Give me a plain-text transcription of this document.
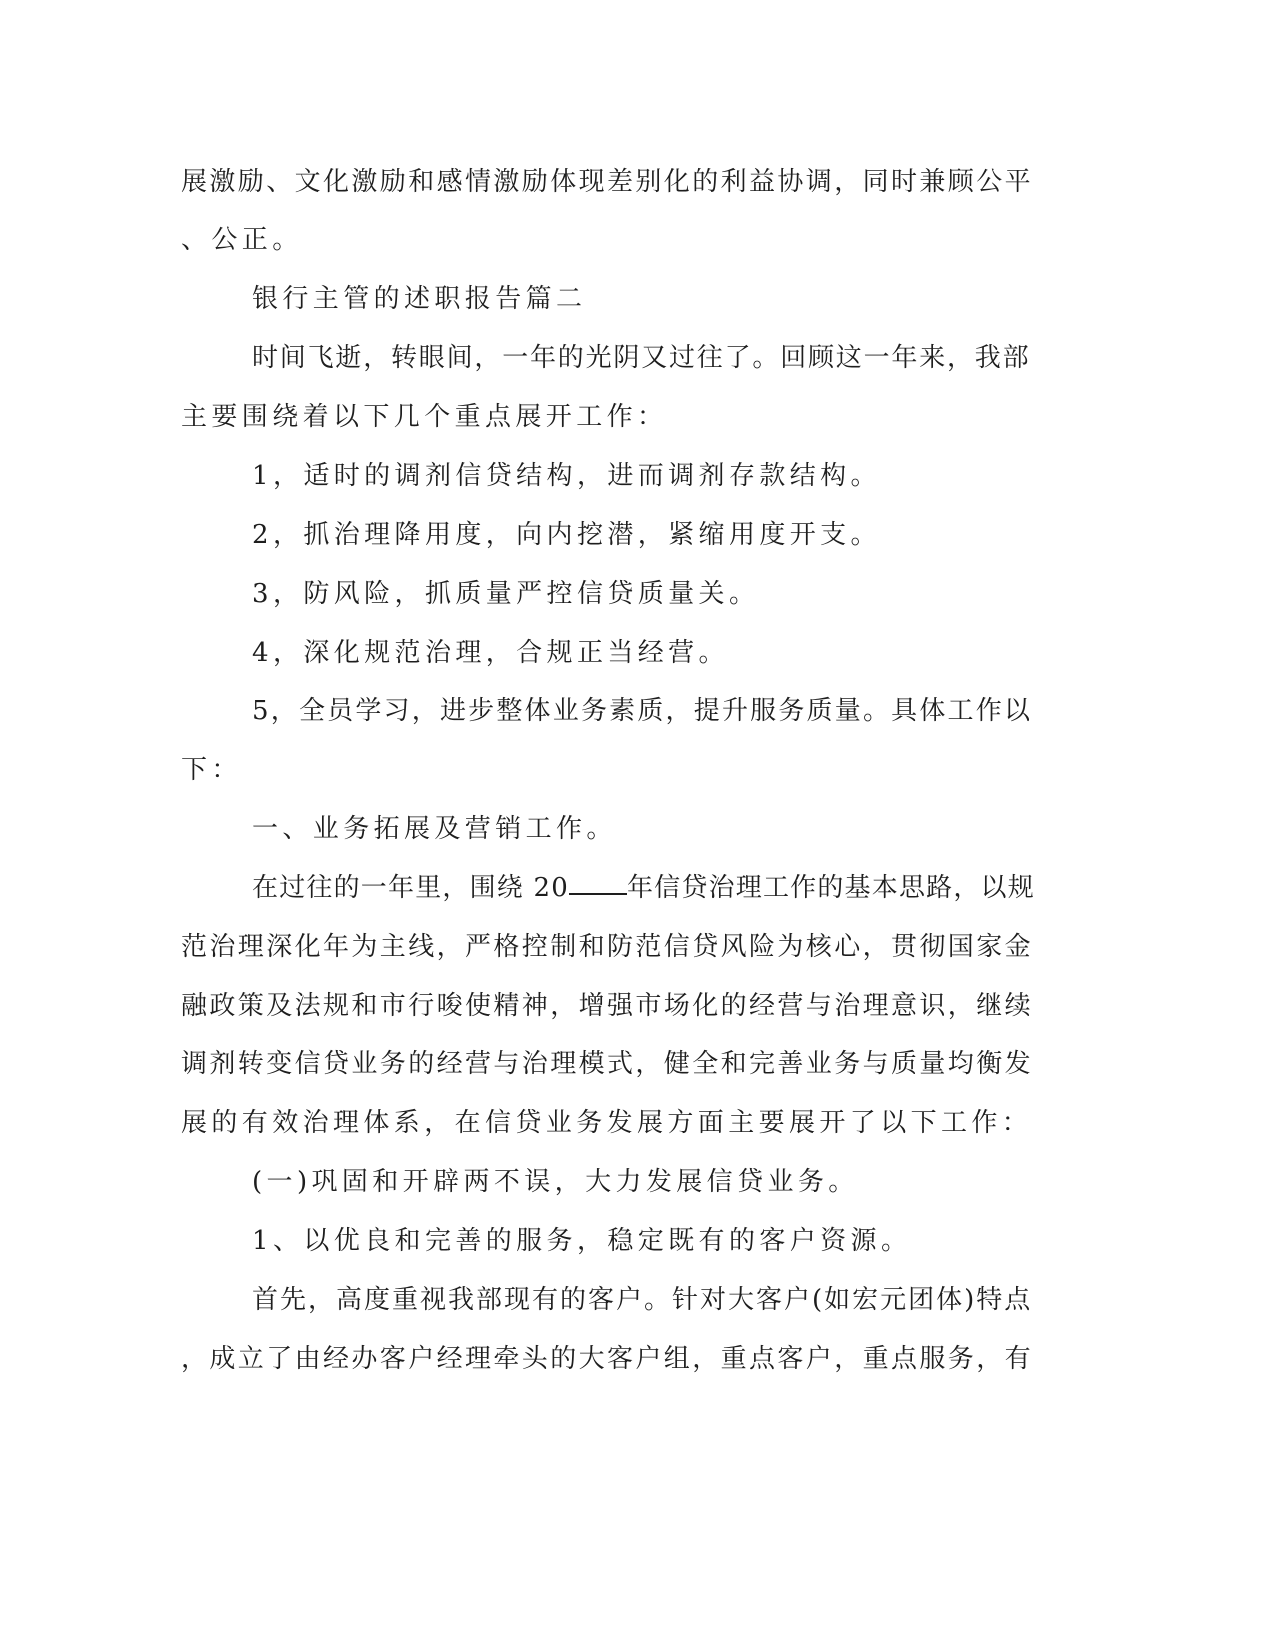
展激励、文化激励和感情激励体现差别化的利益协调，同时兼顾公平

、公正。

银行主管的述职报告篇二

时间飞逝，转眼间，一年的光阴又过往了。回顾这一年来，我部

主要围绕着以下几个重点展开工作：

1，适时的调剂信贷结构，进而调剂存款结构。

2，抓治理降用度，向内挖潜，紧缩用度开支。

3，防风险，抓质量严控信贷质量关。

4，深化规范治理，合规正当经营。

5，全员学习，进步整体业务素质，提升服务质量。具体工作以

下：

一、业务拓展及营销工作。

在过往的一年里，围绕 20 年信贷治理工作的基本思路，以规

范治理深化年为主线，严格控制和防范信贷风险为核心，贯彻国家金

融政策及法规和市行唆使精神，增强市场化的经营与治理意识，继续

调剂转变信贷业务的经营与治理模式，健全和完善业务与质量均衡发

展的有效治理体系，在信贷业务发展方面主要展开了以下工作：

(一)巩固和开辟两不误，大力发展信贷业务。

1、以优良和完善的服务，稳定既有的客户资源。

首先，高度重视我部现有的客户。针对大客户(如宏元团体)特点

，成立了由经办客户经理牵头的大客户组，重点客户，重点服务，有
